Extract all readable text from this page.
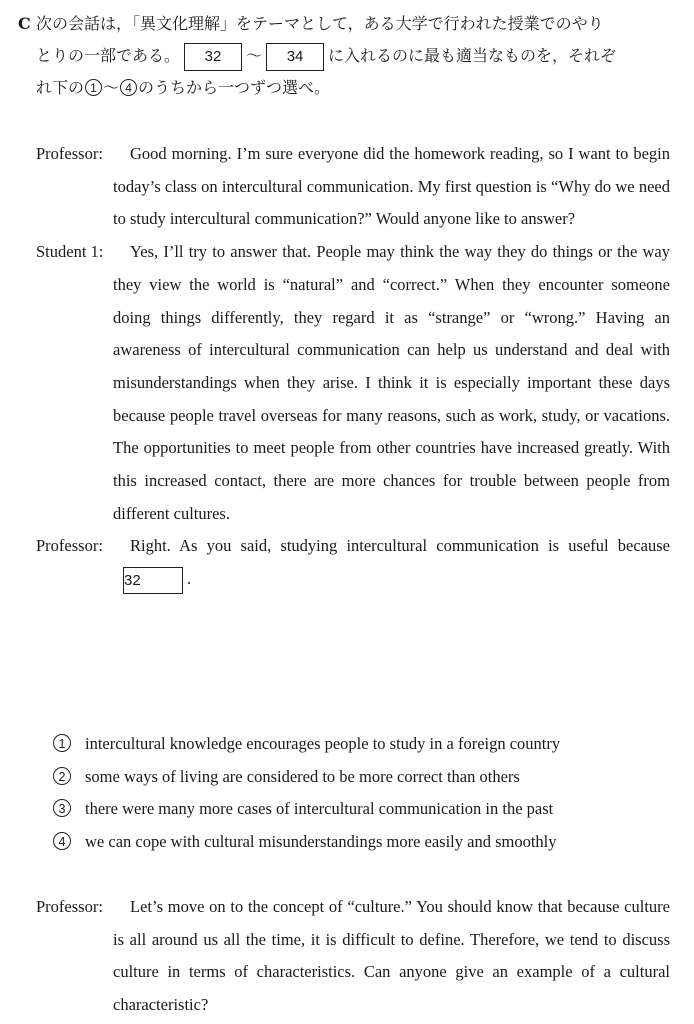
C 次の会話は，「異文化理解」をテーマとして，ある大学で行われた授業でのやり
とりの一部である。 32 〜 34 に入れるのに最も適当なものを，それぞ
れ下の 1 〜 4 のうちから一つずつ選べ。
Professor:	Good morning. I’m sure everyone did the homework reading, so I want to begin today’s class on intercultural communication. My first question is “Why do we need to study intercultural communication?” Would anyone like to answer?
Student 1:	Yes, I’ll try to answer that. People may think the way they do things or the way they view the world is “natural” and “correct.” When they encounter someone doing things differently, they regard it as “strange” or “wrong.” Having an awareness of intercultural communication can help us understand and deal with misunderstandings when they arise. I think it is especially important these days because people travel overseas for many reasons, such as work, study, or vacations. The opportunities to meet people from other countries have increased greatly. With this increased contact, there are more chances for trouble between people from different cultures.
Professor:	Right. As you said, studying intercultural communication is useful because32	.
1 intercultural knowledge encourages people to study in a foreign country
2 some ways of living are considered to be more correct than others
3 there were many more cases of intercultural communication in the past
4 we can cope with cultural misunderstandings more easily and smoothly
Professor:	Let’s move on to the concept of “culture.” You should know that because culture is all around us all the time, it is difficult to define. Therefore, we tend to discuss culture in terms of characteristics. Can anyone give an example of a cultural characteristic?
